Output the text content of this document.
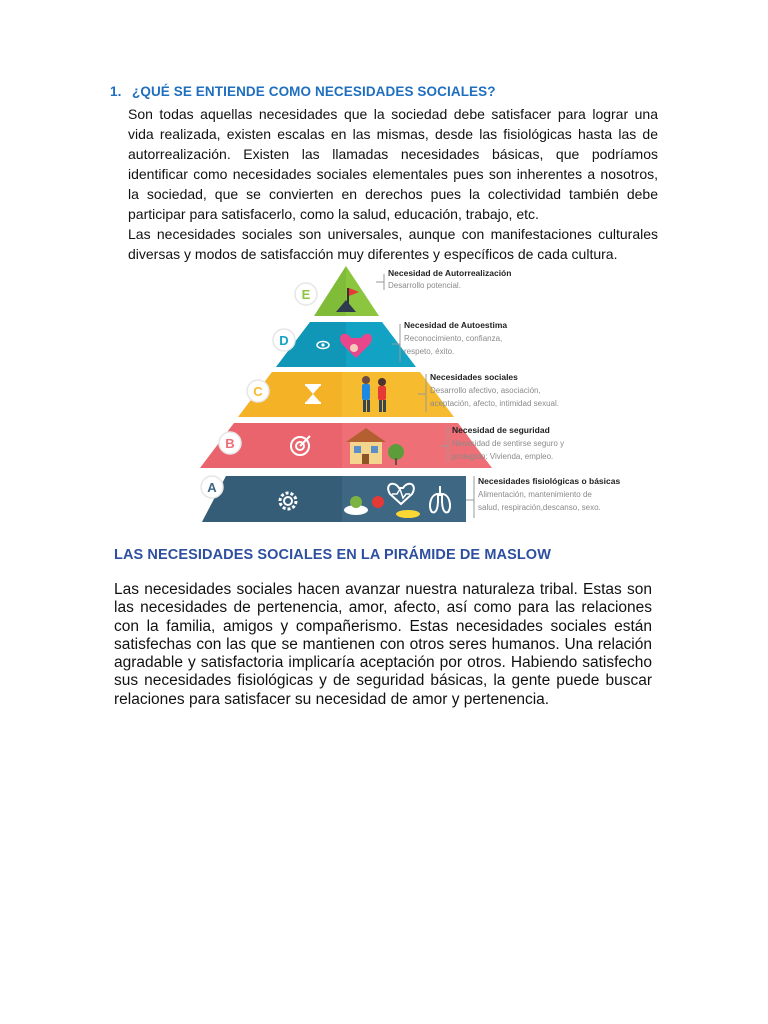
1. ¿QUÉ SE ENTIENDE COMO NECESIDADES SOCIALES?

Son todas aquellas necesidades que la sociedad debe satisfacer para lograr una vida realizada, existen escalas en las mismas, desde las fisiológicas hasta las de autorrealización. Existen las llamadas necesidades básicas, que podríamos identificar como necesidades sociales elementales pues son inherentes a nosotros, la sociedad, que se convierten en derechos pues la colectividad también debe participar para satisfacerlo, como la salud, educación, trabajo, etc.

Las necesidades sociales son universales, aunque con manifestaciones culturales diversas y modos de satisfacción muy diferentes y específicos de cada cultura.

E
Necesidad de Autorrealización
Desarrollo potencial.
D
Necesidad de Autoestima
Reconocimiento, confianza,
respeto, éxito.
C
Necesidades sociales
Desarrollo afectivo, asociación,
aceptación, afecto, intimidad sexual.
B
Necesidad de seguridad
Necesidad de sentirse seguro y
protegido: Vivienda, empleo.
A	Necesidades fisiológicas o básicas
Alimentación, mantenimiento de
salud, respiración,descanso, sexo.
LAS NECESIDADES SOCIALES EN LA PIRÁMIDE DE MASLOW

Las necesidades sociales hacen avanzar nuestra naturaleza tribal. Estas son las necesidades de pertenencia, amor, afecto, así como para las relaciones con la familia, amigos y compañerismo. Estas necesidades sociales están satisfechas con las que se mantienen con otros seres humanos. Una relación agradable y satisfactoria implicaría aceptación por otros. Habiendo satisfecho sus necesidades fisiológicas y de seguridad básicas, la gente puede buscar relaciones para satisfacer su necesidad de amor y pertenencia.
